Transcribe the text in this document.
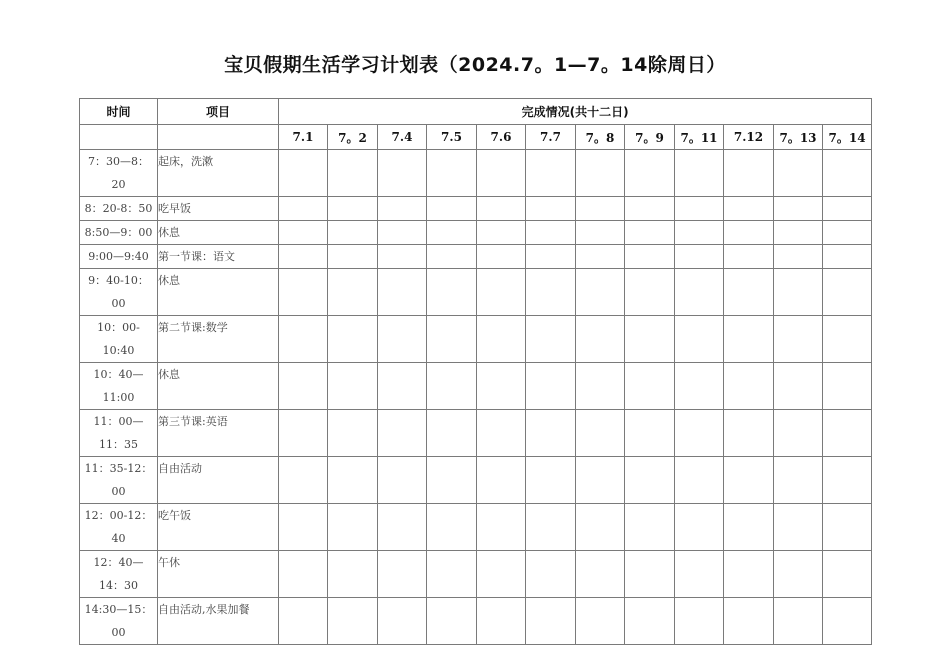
宝贝假期生活学习计划表（2024.7。1—7。14除周日）
时间	项目	完成情况(共十二日)											
		7.1	7。2	7.4	7.5	7.6	7.7	7。8	7。9	7。11	7.12	7。13	7。14

7：30—8：
20	起床，洗漱												

8：20-8：50	吃早饭												

8:50—9：00	休息												

9:00—9:40	第一节课：语文												

9：40-10：
00	休息												

10：00-
10:40	第二节课:数学												

10：40—
11:00	休息												

11：00—
11：35	第三节课:英语												

11：35-12：
00	自由活动												

12：00-12：
40	吃午饭												

12：40—
14：30	午休												

14:30—15：
00	自由活动,水果加餐												
